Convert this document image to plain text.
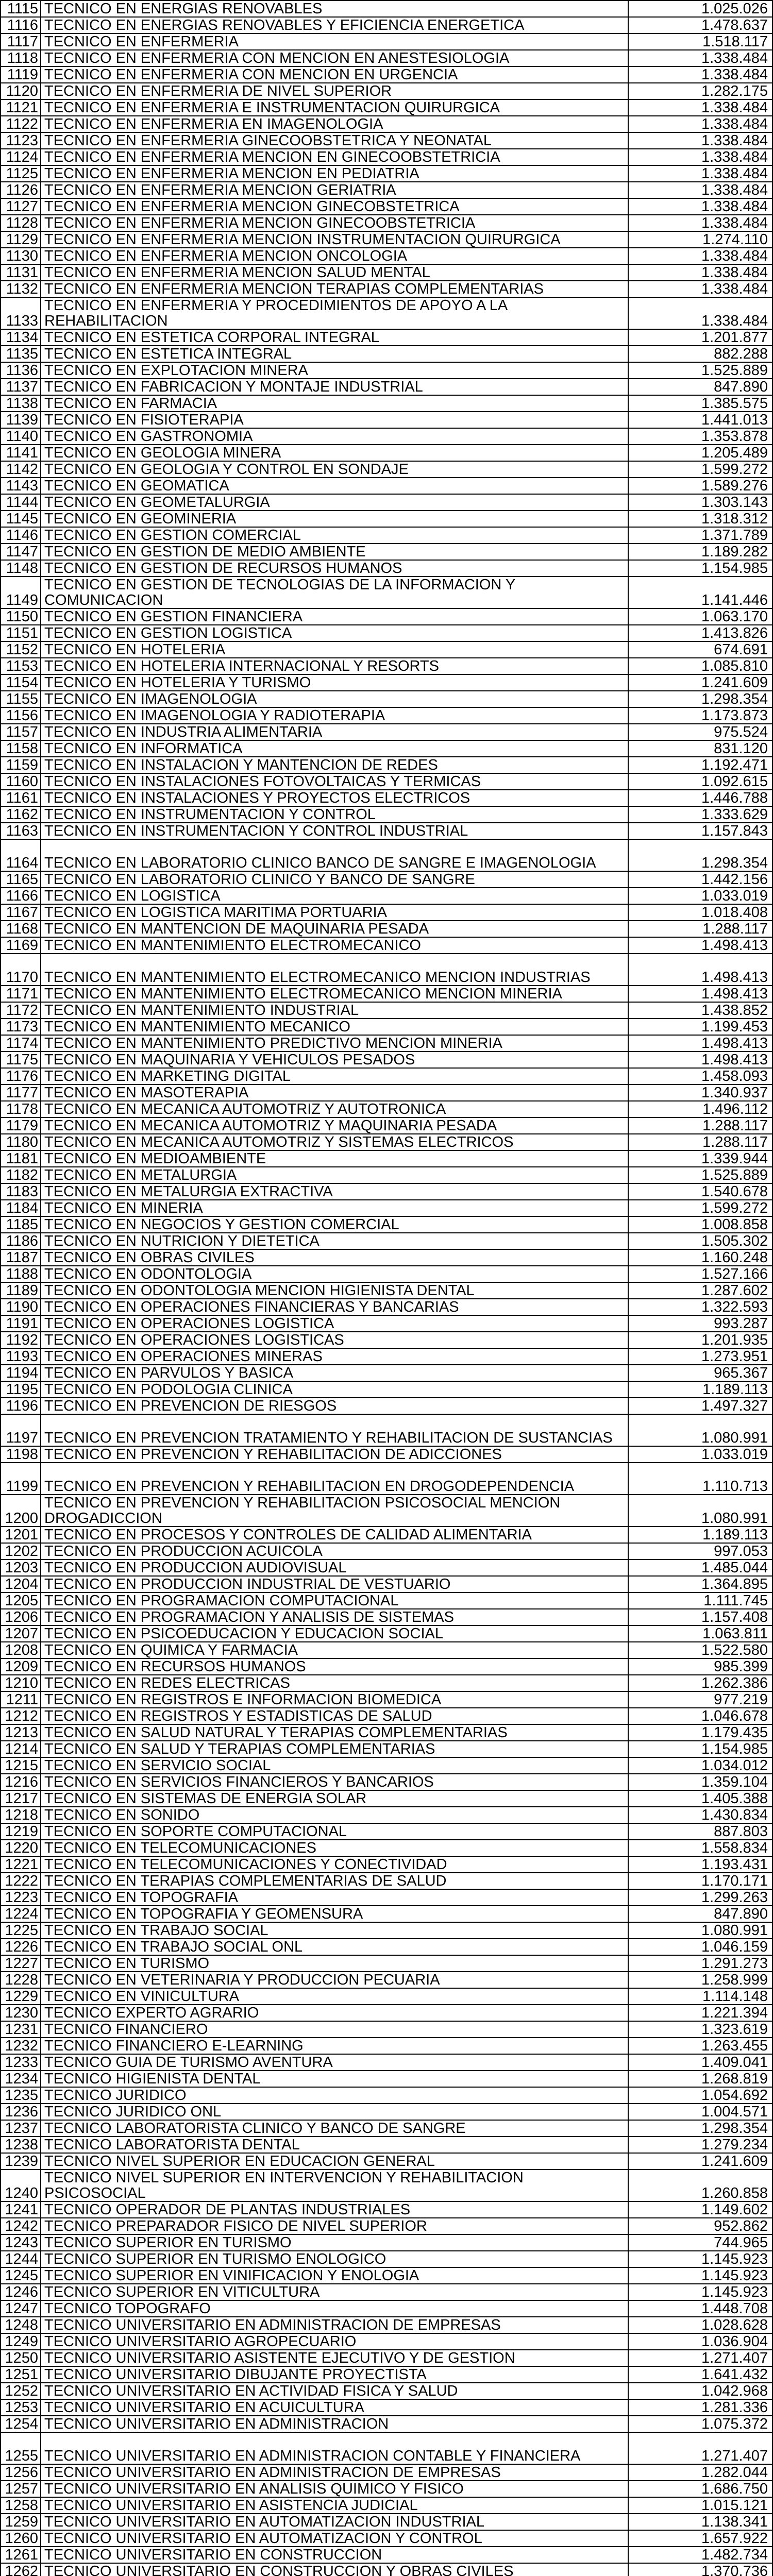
1115	TECNICO EN ENERGIAS RENOVABLES	1.025.026
1116	TECNICO EN ENERGIAS RENOVABLES Y EFICIENCIA ENERGETICA	1.478.637
1117	TECNICO EN ENFERMERIA	1.518.117
1118	TECNICO EN ENFERMERIA CON MENCION EN ANESTESIOLOGIA	1.338.484
1119	TECNICO EN ENFERMERIA CON MENCION EN URGENCIA	1.338.484
1120	TECNICO EN ENFERMERIA DE NIVEL SUPERIOR	1.282.175
1121	TECNICO EN ENFERMERIA E INSTRUMENTACION QUIRURGICA	1.338.484
1122	TECNICO EN ENFERMERIA EN IMAGENOLOGIA	1.338.484
1123	TECNICO EN ENFERMERIA GINECOOBSTETRICA Y NEONATAL	1.338.484
1124	TECNICO EN ENFERMERIA MENCION EN GINECOOBSTETRICIA	1.338.484
1125	TECNICO EN ENFERMERIA MENCION EN PEDIATRIA	1.338.484
1126	TECNICO EN ENFERMERIA MENCION GERIATRIA	1.338.484
1127	TECNICO EN ENFERMERIA MENCION GINECOBSTETRICA	1.338.484
1128	TECNICO EN ENFERMERIA MENCION GINECOOBSTETRICIA	1.338.484
1129	TECNICO EN ENFERMERIA MENCION INSTRUMENTACION QUIRURGICA	1.274.110
1130	TECNICO EN ENFERMERIA MENCION ONCOLOGIA	1.338.484
1131	TECNICO EN ENFERMERIA MENCION SALUD MENTAL	1.338.484
1132	TECNICO EN ENFERMERIA MENCION TERAPIAS COMPLEMENTARIAS	1.338.484
1133	TECNICO EN ENFERMERIA Y PROCEDIMIENTOS DE APOYO A LA REHABILITACION	1.338.484
1134	TECNICO EN ESTETICA CORPORAL INTEGRAL	1.201.877
1135	TECNICO EN ESTETICA INTEGRAL	882.288
1136	TECNICO EN EXPLOTACION MINERA	1.525.889
1137	TECNICO EN FABRICACION Y MONTAJE INDUSTRIAL	847.890
1138	TECNICO EN FARMACIA	1.385.575
1139	TECNICO EN FISIOTERAPIA	1.441.013
1140	TECNICO EN GASTRONOMIA	1.353.878
1141	TECNICO EN GEOLOGIA MINERA	1.205.489
1142	TECNICO EN GEOLOGIA Y CONTROL EN SONDAJE	1.599.272
1143	TECNICO EN GEOMATICA	1.589.276
1144	TECNICO EN GEOMETALURGIA	1.303.143
1145	TECNICO EN GEOMINERIA	1.318.312
1146	TECNICO EN GESTION COMERCIAL	1.371.789
1147	TECNICO EN GESTION DE MEDIO AMBIENTE	1.189.282
1148	TECNICO EN GESTION DE RECURSOS HUMANOS	1.154.985
1149	TECNICO EN GESTION DE TECNOLOGIAS DE LA INFORMACION Y COMUNICACION	1.141.446
1150	TECNICO EN GESTION FINANCIERA	1.063.170
1151	TECNICO EN GESTION LOGISTICA	1.413.826
1152	TECNICO EN HOTELERIA	674.691
1153	TECNICO EN HOTELERIA INTERNACIONAL Y RESORTS	1.085.810
1154	TECNICO EN HOTELERIA Y TURISMO	1.241.609
1155	TECNICO EN IMAGENOLOGIA	1.298.354
1156	TECNICO EN IMAGENOLOGIA Y RADIOTERAPIA	1.173.873
1157	TECNICO EN INDUSTRIA ALIMENTARIA	975.524
1158	TECNICO EN INFORMATICA	831.120
1159	TECNICO EN INSTALACION Y MANTENCION DE REDES	1.192.471
1160	TECNICO EN INSTALACIONES FOTOVOLTAICAS Y TERMICAS	1.092.615
1161	TECNICO EN INSTALACIONES Y PROYECTOS ELECTRICOS	1.446.788
1162	TECNICO EN INSTRUMENTACION Y CONTROL	1.333.629
1163	TECNICO EN INSTRUMENTACION Y CONTROL INDUSTRIAL	1.157.843
1164	TECNICO EN LABORATORIO CLINICO BANCO DE SANGRE E IMAGENOLOGIA	1.298.354
1165	TECNICO EN LABORATORIO CLINICO Y BANCO DE SANGRE	1.442.156
1166	TECNICO EN LOGISTICA	1.033.019
1167	TECNICO EN LOGISTICA MARITIMA PORTUARIA	1.018.408
1168	TECNICO EN MANTENCION DE MAQUINARIA PESADA	1.288.117
1169	TECNICO EN MANTENIMIENTO ELECTROMECANICO	1.498.413
1170	TECNICO EN MANTENIMIENTO ELECTROMECANICO MENCION INDUSTRIAS	1.498.413
1171	TECNICO EN MANTENIMIENTO ELECTROMECANICO MENCION MINERIA	1.498.413
1172	TECNICO EN MANTENIMIENTO INDUSTRIAL	1.438.852
1173	TECNICO EN MANTENIMIENTO MECANICO	1.199.453
1174	TECNICO EN MANTENIMIENTO PREDICTIVO MENCION MINERIA	1.498.413
1175	TECNICO EN MAQUINARIA Y VEHICULOS PESADOS	1.498.413
1176	TECNICO EN MARKETING DIGITAL	1.458.093
1177	TECNICO EN MASOTERAPIA	1.340.937
1178	TECNICO EN MECANICA AUTOMOTRIZ Y AUTOTRONICA	1.496.112
1179	TECNICO EN MECANICA AUTOMOTRIZ Y MAQUINARIA PESADA	1.288.117
1180	TECNICO EN MECANICA AUTOMOTRIZ Y SISTEMAS ELECTRICOS	1.288.117
1181	TECNICO EN MEDIOAMBIENTE	1.339.944
1182	TECNICO EN METALURGIA	1.525.889
1183	TECNICO EN METALURGIA EXTRACTIVA	1.540.678
1184	TECNICO EN MINERIA	1.599.272
1185	TECNICO EN NEGOCIOS Y GESTION COMERCIAL	1.008.858
1186	TECNICO EN NUTRICION Y DIETETICA	1.505.302
1187	TECNICO EN OBRAS CIVILES	1.160.248
1188	TECNICO EN ODONTOLOGIA	1.527.166
1189	TECNICO EN ODONTOLOGIA MENCION HIGIENISTA DENTAL	1.287.602
1190	TECNICO EN OPERACIONES FINANCIERAS Y BANCARIAS	1.322.593
1191	TECNICO EN OPERACIONES LOGISTICA	993.287
1192	TECNICO EN OPERACIONES LOGISTICAS	1.201.935
1193	TECNICO EN OPERACIONES MINERAS	1.273.951
1194	TECNICO EN PARVULOS Y BASICA	965.367
1195	TECNICO EN PODOLOGIA CLINICA	1.189.113
1196	TECNICO EN PREVENCION DE RIESGOS	1.497.327
1197	TECNICO EN PREVENCION TRATAMIENTO Y REHABILITACION DE SUSTANCIAS	1.080.991
1198	TECNICO EN PREVENCION Y REHABILITACION DE ADICCIONES	1.033.019
1199	TECNICO EN PREVENCION Y REHABILITACION EN DROGODEPENDENCIA	1.110.713
1200	TECNICO EN PREVENCION Y REHABILITACION PSICOSOCIAL MENCION DROGADICCION	1.080.991
1201	TECNICO EN PROCESOS Y CONTROLES DE CALIDAD ALIMENTARIA	1.189.113
1202	TECNICO EN PRODUCCION ACUICOLA	997.053
1203	TECNICO EN PRODUCCION AUDIOVISUAL	1.485.044
1204	TECNICO EN PRODUCCION INDUSTRIAL DE VESTUARIO	1.364.895
1205	TECNICO EN PROGRAMACION COMPUTACIONAL	1.111.745
1206	TECNICO EN PROGRAMACION Y ANALISIS DE SISTEMAS	1.157.408
1207	TECNICO EN PSICOEDUCACION Y EDUCACION SOCIAL	1.063.811
1208	TECNICO EN QUIMICA Y FARMACIA	1.522.580
1209	TECNICO EN RECURSOS HUMANOS	985.399
1210	TECNICO EN REDES ELECTRICAS	1.262.386
1211	TECNICO EN REGISTROS E INFORMACION BIOMEDICA	977.219
1212	TECNICO EN REGISTROS Y ESTADISTICAS DE SALUD	1.046.678
1213	TECNICO EN SALUD NATURAL Y TERAPIAS COMPLEMENTARIAS	1.179.435
1214	TECNICO EN SALUD Y TERAPIAS COMPLEMENTARIAS	1.154.985
1215	TECNICO EN SERVICIO SOCIAL	1.034.012
1216	TECNICO EN SERVICIOS FINANCIEROS Y BANCARIOS	1.359.104
1217	TECNICO EN SISTEMAS DE ENERGIA SOLAR	1.405.388
1218	TECNICO EN SONIDO	1.430.834
1219	TECNICO EN SOPORTE COMPUTACIONAL	887.803
1220	TECNICO EN TELECOMUNICACIONES	1.558.834
1221	TECNICO EN TELECOMUNICACIONES Y CONECTIVIDAD	1.193.431
1222	TECNICO EN TERAPIAS COMPLEMENTARIAS DE SALUD	1.170.171
1223	TECNICO EN TOPOGRAFIA	1.299.263
1224	TECNICO EN TOPOGRAFIA Y GEOMENSURA	847.890
1225	TECNICO EN TRABAJO SOCIAL	1.080.991
1226	TECNICO EN TRABAJO SOCIAL ONL	1.046.159
1227	TECNICO EN TURISMO	1.291.273
1228	TECNICO EN VETERINARIA Y PRODUCCION PECUARIA	1.258.999
1229	TECNICO EN VINICULTURA	1.114.148
1230	TECNICO EXPERTO AGRARIO	1.221.394
1231	TECNICO FINANCIERO	1.323.619
1232	TECNICO FINANCIERO E-LEARNING	1.263.455
1233	TECNICO GUIA DE TURISMO AVENTURA	1.409.041
1234	TECNICO HIGIENISTA DENTAL	1.268.819
1235	TECNICO JURIDICO	1.054.692
1236	TECNICO JURIDICO ONL	1.004.571
1237	TECNICO LABORATORISTA CLINICO Y BANCO DE SANGRE	1.298.354
1238	TECNICO LABORATORISTA DENTAL	1.279.234
1239	TECNICO NIVEL SUPERIOR EN EDUCACION GENERAL	1.241.609
1240	TECNICO NIVEL SUPERIOR EN INTERVENCION Y REHABILITACION PSICOSOCIAL	1.260.858
1241	TECNICO OPERADOR DE PLANTAS INDUSTRIALES	1.149.602
1242	TECNICO PREPARADOR FISICO DE NIVEL SUPERIOR	952.862
1243	TECNICO SUPERIOR EN TURISMO	744.965
1244	TECNICO SUPERIOR EN TURISMO ENOLOGICO	1.145.923
1245	TECNICO SUPERIOR EN VINIFICACION Y ENOLOGIA	1.145.923
1246	TECNICO SUPERIOR EN VITICULTURA	1.145.923
1247	TECNICO TOPOGRAFO	1.448.708
1248	TECNICO UNIVERSITARIO EN ADMINISTRACION DE EMPRESAS	1.028.628
1249	TECNICO UNIVERSITARIO AGROPECUARIO	1.036.904
1250	TECNICO UNIVERSITARIO ASISTENTE EJECUTIVO Y DE GESTION	1.271.407
1251	TECNICO UNIVERSITARIO DIBUJANTE PROYECTISTA	1.641.432
1252	TECNICO UNIVERSITARIO EN ACTIVIDAD FISICA Y SALUD	1.042.968
1253	TECNICO UNIVERSITARIO EN ACUICULTURA	1.281.336
1254	TECNICO UNIVERSITARIO EN ADMINISTRACION	1.075.372
1255	TECNICO UNIVERSITARIO EN ADMINISTRACION CONTABLE Y FINANCIERA	1.271.407
1256	TECNICO UNIVERSITARIO EN ADMINISTRACION DE EMPRESAS	1.282.044
1257	TECNICO UNIVERSITARIO EN ANALISIS QUIMICO Y FISICO	1.686.750
1258	TECNICO UNIVERSITARIO EN ASISTENCIA JUDICIAL	1.015.121
1259	TECNICO UNIVERSITARIO EN AUTOMATIZACION INDUSTRIAL	1.138.341
1260	TECNICO UNIVERSITARIO EN AUTOMATIZACION Y CONTROL	1.657.922
1261	TECNICO UNIVERSITARIO EN CONSTRUCCION	1.482.734
1262	TECNICO UNIVERSITARIO EN CONSTRUCCION Y OBRAS CIVILES	1.370.736
